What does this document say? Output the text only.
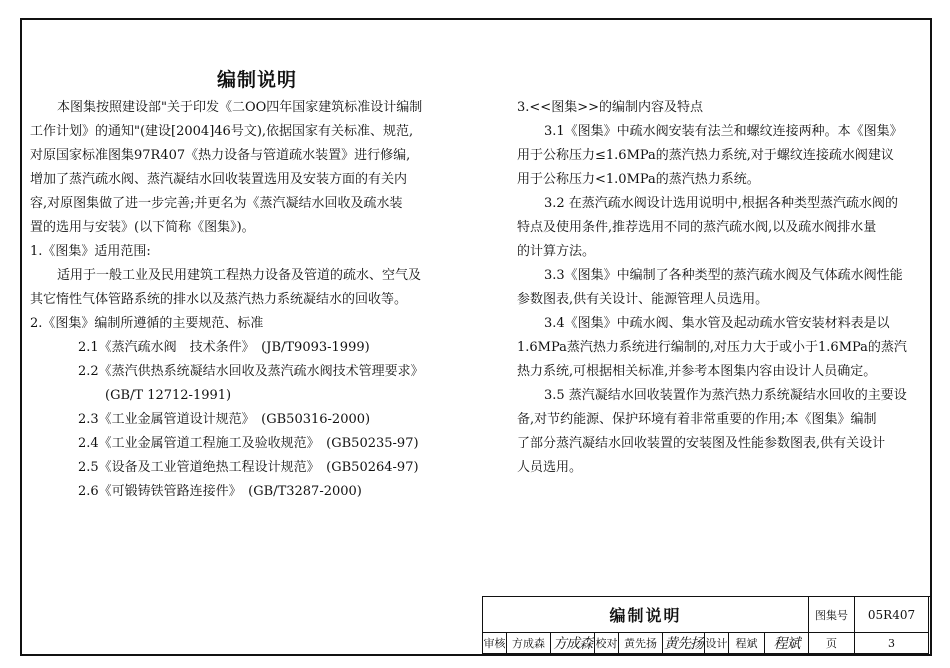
编制说明

本图集按照建设部"关于印发《二OO四年国家建筑标准设计编制

工作计划》的通知"(建设[2004]46号文),依据国家有关标准、规范,

对原国家标准图集97R407《热力设备与管道疏水装置》进行修编,

增加了蒸汽疏水阀、蒸汽凝结水回收装置选用及安装方面的有关内

容,对原图集做了进一步完善;并更名为《蒸汽凝结水回收及疏水装

置的选用与安装》(以下简称《图集》)。

1.《图集》适用范围:

适用于一般工业及民用建筑工程热力设备及管道的疏水、空气及

其它惰性气体管路系统的排水以及蒸汽热力系统凝结水的回收等。

2.《图集》编制所遵循的主要规范、标准

2.1《蒸汽疏水阀　技术条件》　(JB/T9093-1999)

2.2《蒸汽供热系统凝结水回收及蒸汽疏水阀技术管理要求》

(GB/T 12712-1991)

2.3《工业金属管道设计规范》　(GB50316-2000)

2.4《工业金属管道工程施工及验收规范》　(GB50235-97)

2.5《设备及工业管道绝热工程设计规范》　(GB50264-97)

2.6《可锻铸铁管路连接件》　(GB/T3287-2000)

3.<<图集>>的编制内容及特点

3.1《图集》中疏水阀安装有法兰和螺纹连接两种。本《图集》

用于公称压力≤1.6MPa的蒸汽热力系统,对于螺纹连接疏水阀建议

用于公称压力<1.0MPa的蒸汽热力系统。

3.2 在蒸汽疏水阀设计选用说明中,根据各种类型蒸汽疏水阀的

特点及使用条件,推荐选用不同的蒸汽疏水阀,以及疏水阀排水量

的计算方法。

3.3《图集》中编制了各种类型的蒸汽疏水阀及气体疏水阀性能

参数图表,供有关设计、能源管理人员选用。

3.4《图集》中疏水阀、集水管及起动疏水管安装材料表是以

1.6MPa蒸汽热力系统进行编制的,对压力大于或小于1.6MPa的蒸汽

热力系统,可根据相关标准,并参考本图集内容由设计人员确定。

3.5 蒸汽凝结水回收装置作为蒸汽热力系统凝结水回收的主要设

备,对节约能源、保护环境有着非常重要的作用;本《图集》编制

了部分蒸汽凝结水回收装置的安装图及性能参数图表,供有关设计

人员选用。

编制说明	图集号	05R407
审核 方成森 方成森 校对 黄先扬 黄先扬 设计 程斌	程斌	页	3
